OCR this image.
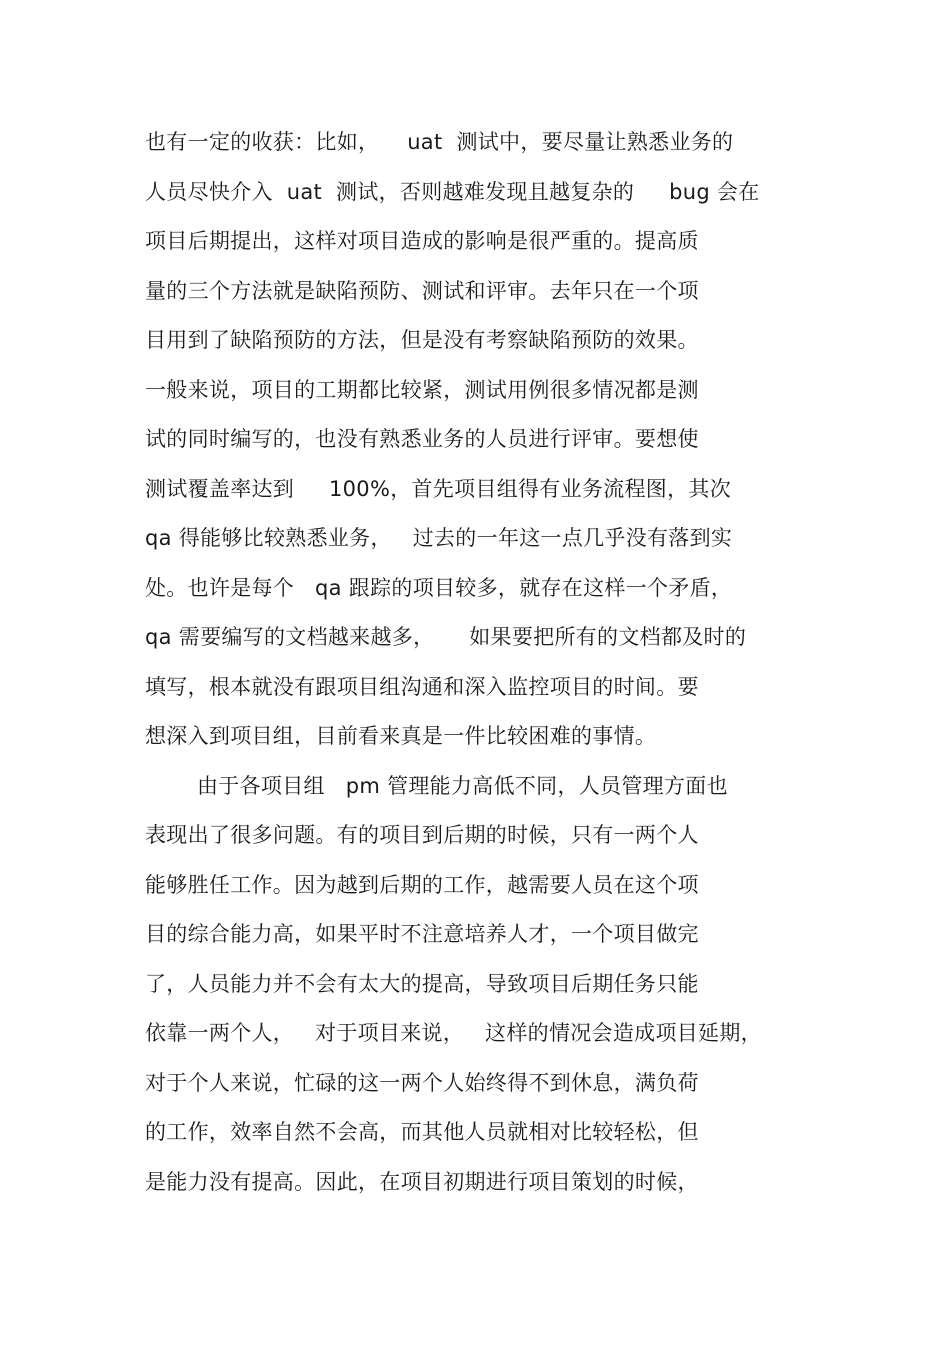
也有一定的收获：比如，    uat  测试中，要尽量让熟悉业务的
人员尽快介入  uat  测试，否则越难发现且越复杂的     bug 会在
项目后期提出，这样对项目造成的影响是很严重的。提高质
量的三个方法就是缺陷预防、测试和评审。去年只在一个项
目用到了缺陷预防的方法，但是没有考察缺陷预防的效果。
一般来说，项目的工期都比较紧，测试用例很多情况都是测
试的同时编写的，也没有熟悉业务的人员进行评审。要想使
测试覆盖率达到     100%，首先项目组得有业务流程图，其次
qa 得能够比较熟悉业务，   过去的一年这一点几乎没有落到实
处。也许是每个   qa 跟踪的项目较多，就存在这样一个矛盾，
qa 需要编写的文档越来越多，     如果要把所有的文档都及时的
填写，根本就没有跟项目组沟通和深入监控项目的时间。要
想深入到项目组，目前看来真是一件比较困难的事情。
由于各项目组   pm 管理能力高低不同，人员管理方面也
表现出了很多问题。有的项目到后期的时候，只有一两个人
能够胜任工作。因为越到后期的工作，越需要人员在这个项
目的综合能力高，如果平时不注意培养人才，一个项目做完
了，人员能力并不会有太大的提高，导致项目后期任务只能
依靠一两个人，   对于项目来说，   这样的情况会造成项目延期，
对于个人来说，忙碌的这一两个人始终得不到休息，满负荷
的工作，效率自然不会高，而其他人员就相对比较轻松，但
是能力没有提高。因此，在项目初期进行项目策划的时候，
